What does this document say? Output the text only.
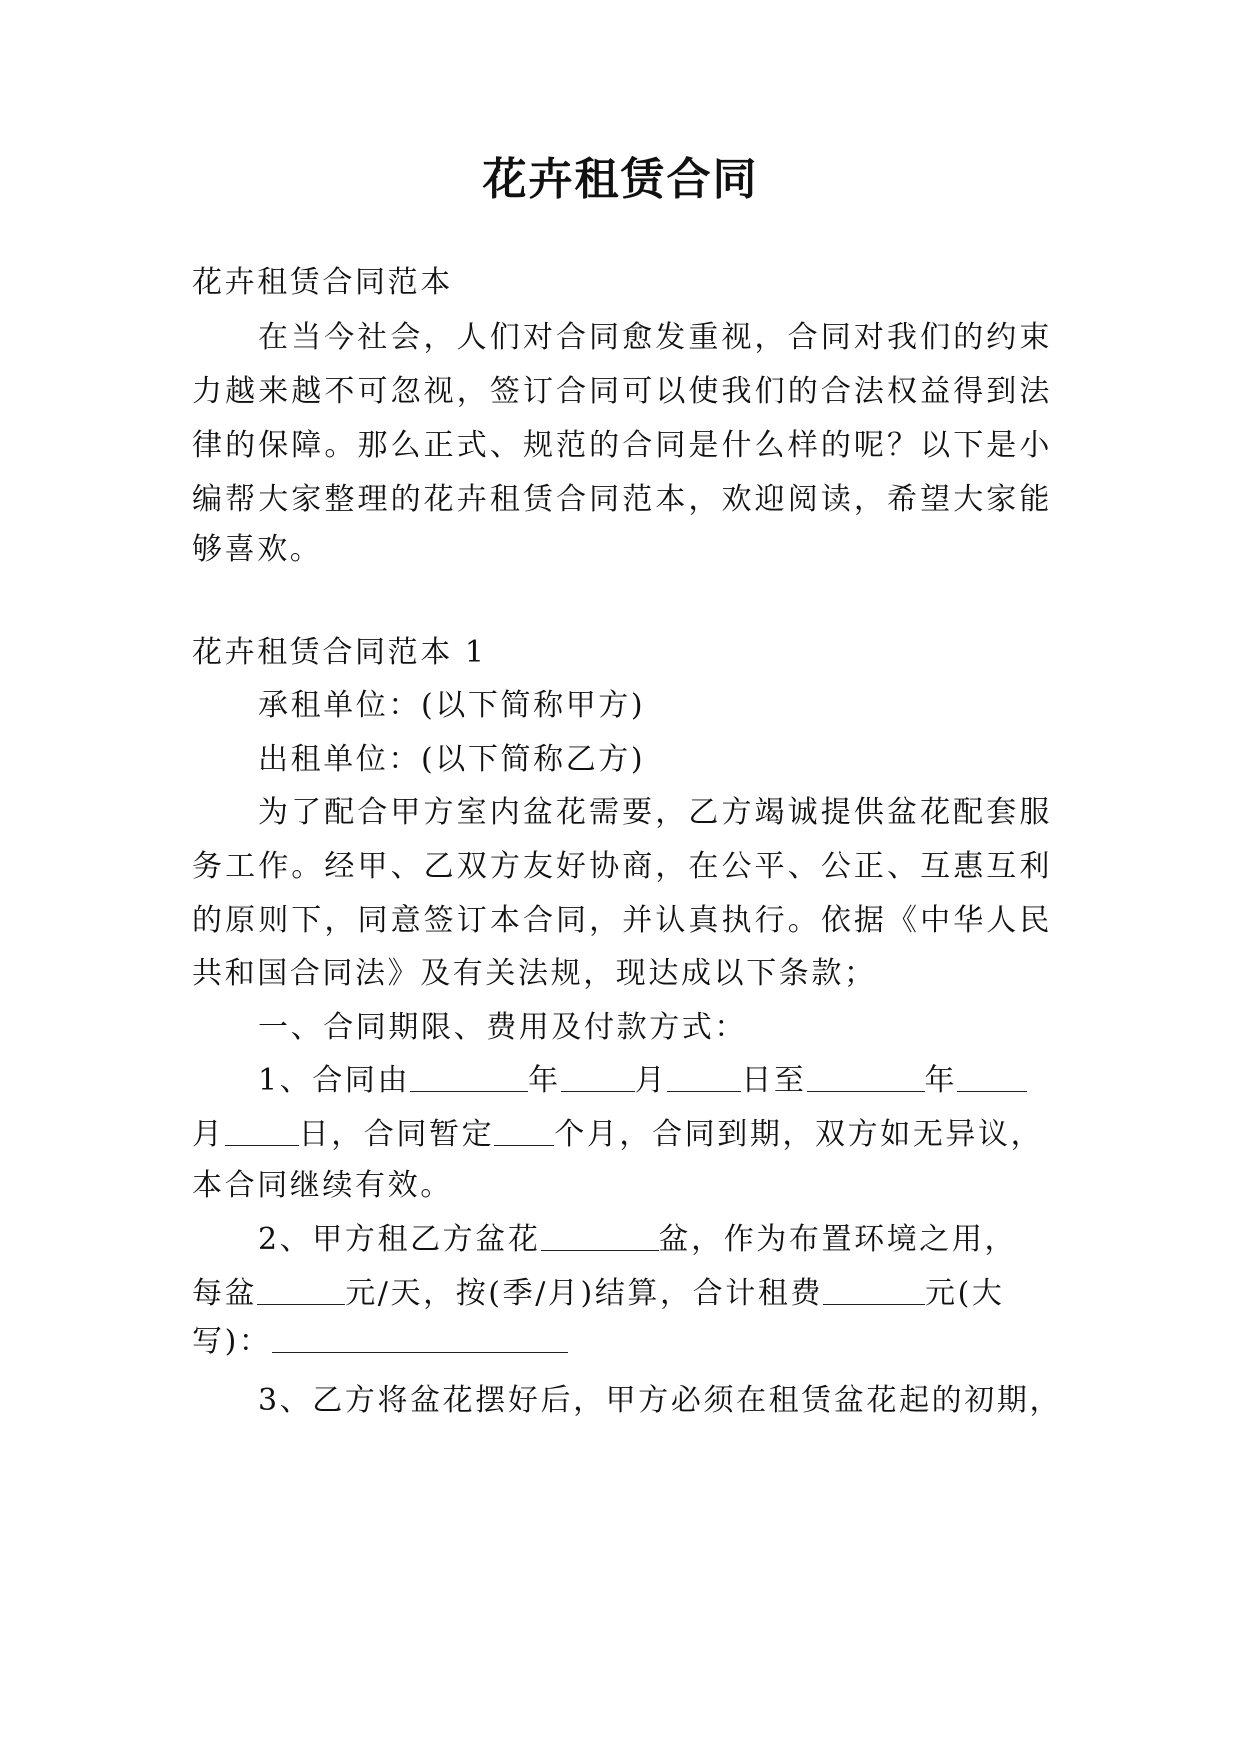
花卉租赁合同
花卉租赁合同范本
在当今社会，人们对合同愈发重视，合同对我们的约束
力越来越不可忽视，签订合同可以使我们的合法权益得到法
律的保障。那么正式、规范的合同是什么样的呢？以下是小
编帮大家整理的花卉租赁合同范本，欢迎阅读，希望大家能
够喜欢。
花卉租赁合同范本 1
承租单位：(以下简称甲方)
出租单位：(以下简称乙方)
为了配合甲方室内盆花需要，乙方竭诚提供盆花配套服
务工作。经甲、乙双方友好协商，在公平、公正、互惠互利
的原则下，同意签订本合同，并认真执行。依据《中华人民
共和国合同法》及有关法规，现达成以下条款；
一、合同期限、费用及付款方式：
1、合同由	年 月 日至	年
月 日，合同暂定 个月，合同到期，双方如无异议，
本合同继续有效。
2、甲方租乙方盆花	盆，作为布置环境之用，
每盆	元/天，按(季/月)结算，合计租费	元(大
写)：
3、乙方将盆花摆好后，甲方必须在租赁盆花起的初期，
